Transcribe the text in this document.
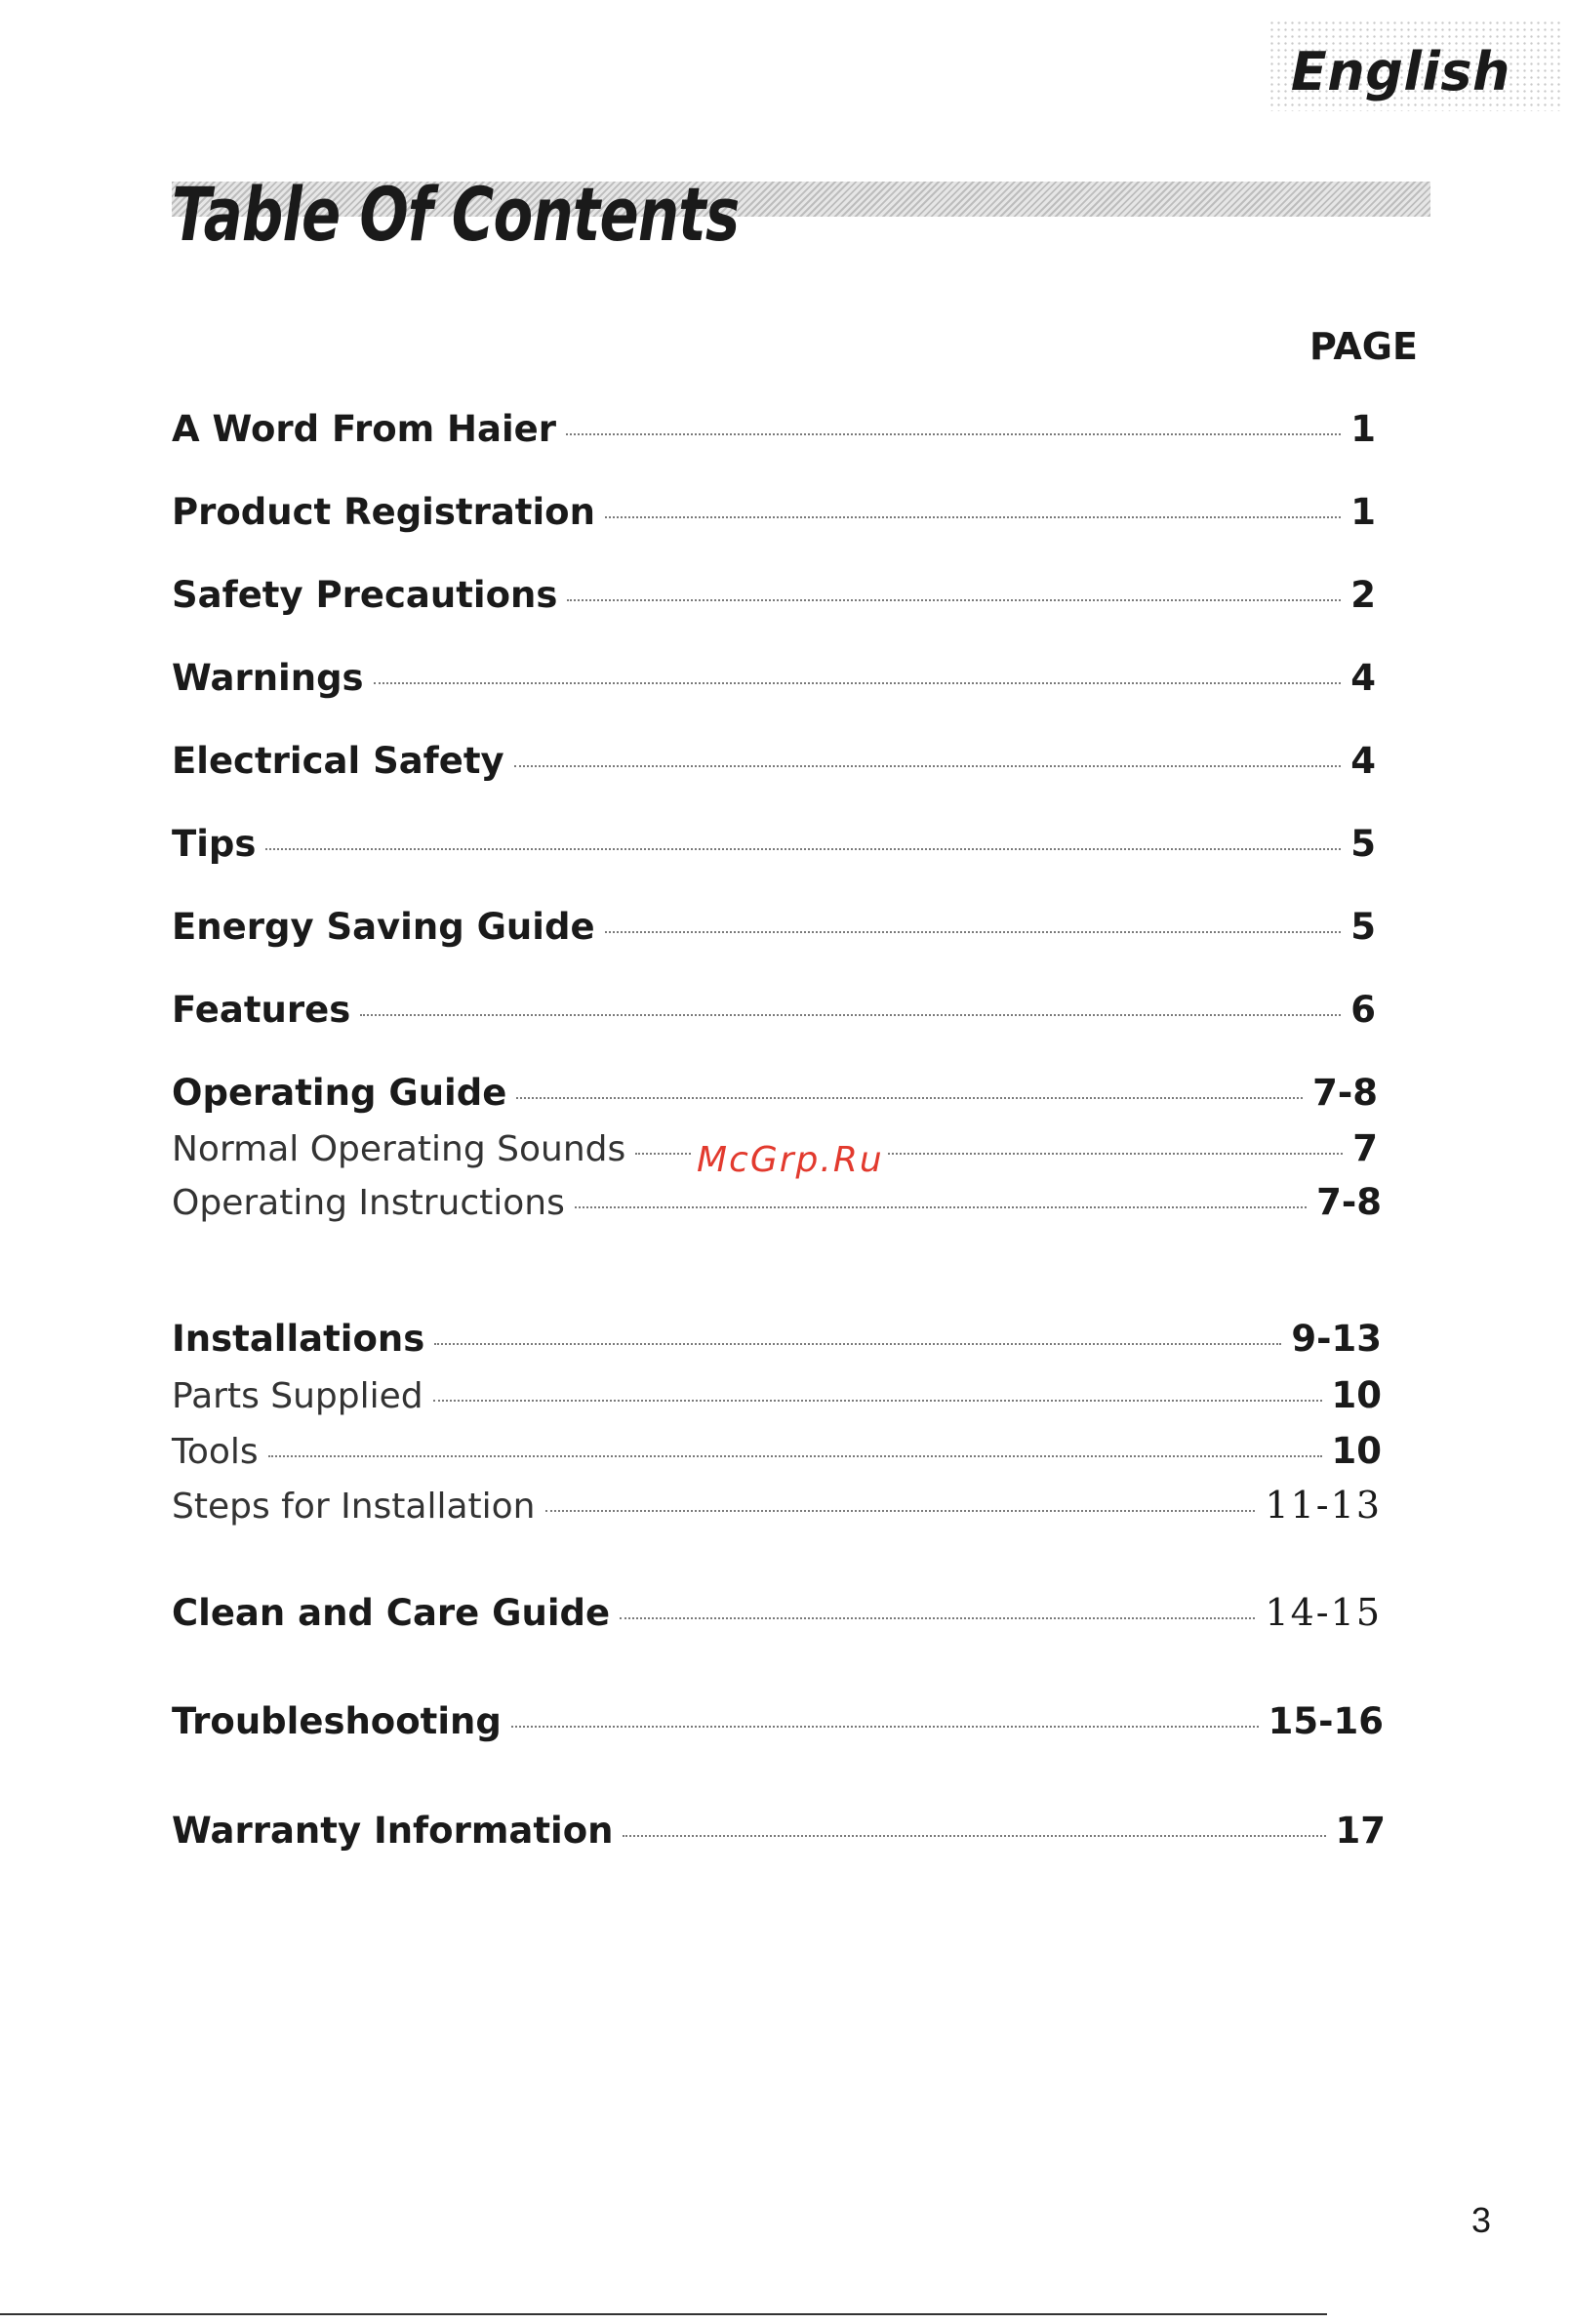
English
Table Of Contents
PAGE
A Word From Haier	1
Product Registration	1
Safety Precautions	2
Warnings	4
Electrical Safety	4
Tips	5
Energy Saving Guide	5
Features	6
Operating Guide	7-8
Normal Operating Sounds	7
Operating Instructions	7-8
Installations	9-13
Parts Supplied	10
Tools	10
Steps for Installation	11-13
Clean and Care Guide	14-15
Troubleshooting	15-16
Warranty Information	17
McGrp.Ru
3
